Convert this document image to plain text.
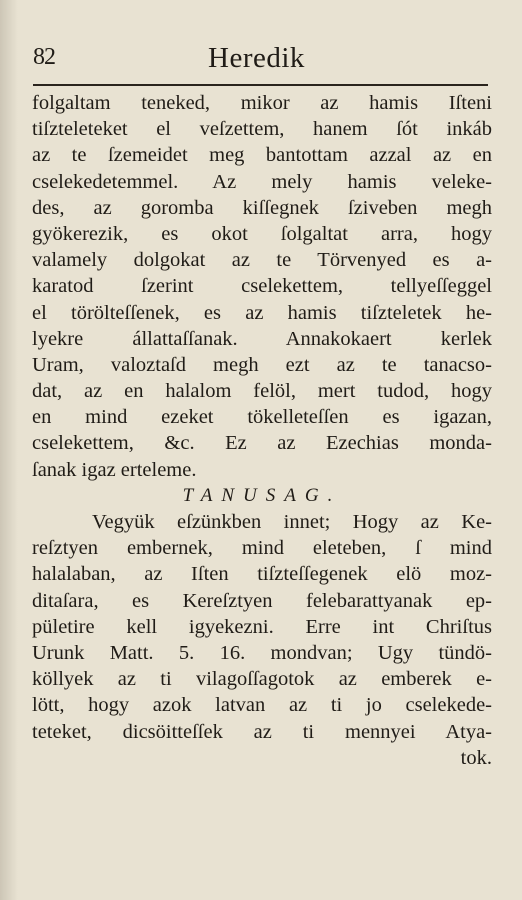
82	Heredik
folgaltam teneked, mikor az hamis Iſteni
tiſzteleteket el veſzettem, hanem ſót inkáb
az te ſzemeidet meg bantottam azzal az en
cselekedetemmel. Az mely hamis veleke-
des, az goromba kiſſegnek ſziveben megh
gyökerezik, es okot ſolgaltat arra, hogy
valamely dolgokat az te Törvenyed es a-
karatod ſzerint cselekettem, tellyeſſeggel
el törölteſſenek, es az hamis tiſzteletek he-
lyekre állattaſſanak. Annakokaert kerlek
Uram, valoztaſd megh ezt az te tanacso-
dat, az en halalom felöl, mert tudod, hogy
en mind ezeket tökelleteſſen es igazan,
cselekettem, &c. Ez az Ezechias monda-
ſanak igaz erteleme.
TANUSAG.
Vegyük eſzünkben innet; Hogy az Ke-
reſztyen embernek, mind eleteben, ſ mind
halalaban, az Iſten tiſzteſſegenek elö moz-
ditaſara, es Kereſztyen felebarattyanak ep-
pületire kell igyekezni. Erre int Chriſtus
Urunk Matt. 5. 16. mondvan; Ugy tündö-
köllyek az ti vilagoſſagotok az emberek e-
lött, hogy azok latvan az ti jo cselekede-
teteket, dicsöitteſſek az ti mennyei Atya-
tok.
